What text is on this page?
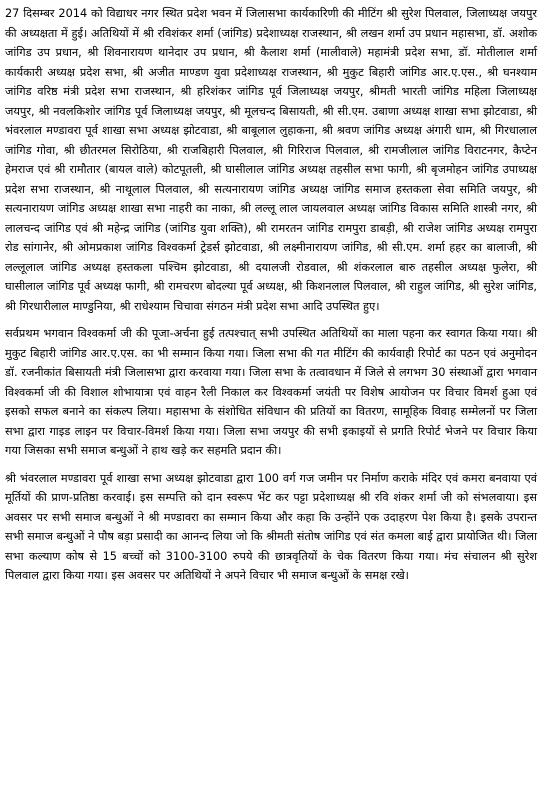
27 दिसम्बर 2014 को विद्याधर नगर स्थित प्रदेश भवन में जिलासभा कार्यकारिणी की मीटिंग श्री सुरेश पिलवाल, जिलाध्यक्ष जयपुर की अध्यक्षता में हुई। अतिथियों में श्री रविशंकर शर्मा (जांगिड) प्रदेशाध्यक्ष राजस्थान, श्री लखन शर्मा उप प्रधान महासभा, डॉ. अशोक जांगिड उप प्रधान, श्री शिवनारायण थानेदार उप प्रधान, श्री कैलाश शर्मा (मालीवाले) महामंत्री प्रदेश सभा, डॉ. मोतीलाल शर्मा कार्यकारी अध्यक्ष प्रदेश सभा, श्री अजीत माण्डण युवा प्रदेशाध्यक्ष राजस्थान, श्री मुकुट बिहारी जांगिड आर.ए.एस., श्री घनश्याम जांगिड वरिष्ठ मंत्री प्रदेश सभा राजस्थान, श्री हरिशंकर जांगिड पूर्व जिलाध्यक्ष जयपुर, श्रीमती भारती जांगिड महिला जिलाध्यक्ष जयपुर, श्री नवलकिशोर जांगिड पूर्व जिलाध्यक्ष जयपुर, श्री मूलचन्द बिसायती, श्री सी.एम. उबाणा अध्यक्ष शाखा सभा झोटवाडा, श्री भंवरलाल मण्डावरा पूर्व शाखा सभा अध्यक्ष झोटवाडा, श्री बाबूलाल लुहाकना, श्री श्रवण जांगिड अध्यक्ष अंगारी धाम, श्री गिरधालाल जांगिड गोवा, श्री छीतरमल सिरोठिया, श्री राजबिहारी पिलवाल, श्री गिरिराज पिलवाल, श्री रामजीलाल जांगिड विराटनगर, कैप्टेन हेमराज एवं श्री रामौतार (बायल वाले) कोटपूतली, श्री घासीलाल जांगिड अध्यक्ष तहसील सभा फागी, श्री बृजमोहन जांगिड उपाध्यक्ष प्रदेश सभा राजस्थान, श्री नाथूलाल पिलवाल, श्री सत्यनारायण जांगिड अध्यक्ष जांगिड समाज हस्तकला सेवा समिति जयपुर, श्री सत्यनारायण जांगिड अध्यक्ष शाखा सभा नाहरी का नाका, श्री लल्लू लाल जायलवाल अध्यक्ष जांगिड विकास समिति शास्त्री नगर, श्री लालचन्द जांगिड एवं श्री महेन्द्र जांगिड (जांगिड युवा शक्ति), श्री रामरतन जांगिड रामपुरा डाबड़ी, श्री राजेश जांगिड अध्यक्ष रामपुरा रोड सांगानेर, श्री ओमप्रकाश जांगिड विश्वकर्मा ट्रेडर्स झोटवाडा, श्री लक्ष्मीनारायण जांगिड, श्री सी.एम. शर्मा हहर का बालाजी, श्री लल्लूलाल जांगिड अध्यक्ष हस्तकला पश्चिम झोटवाडा, श्री दयालजी रोडवाल, श्री शंकरलाल बारु तहसील अध्यक्ष फुलेरा, श्री घासीलाल जांगिड पूर्व अध्यक्ष फागी, श्री रामचरण बोदल्या पूर्व अध्यक्ष, श्री किशनलाल पिलवाल, श्री राहुल जांगिड, श्री सुरेश जांगिड, श्री गिरधारीलाल माण्डुनिया, श्री राधेश्याम चिचावा संगठन मंत्री प्रदेश सभा आदि उपस्थित हुए।

सर्वप्रथम भगवान विश्वकर्मा जी की पूजा-अर्चना हुई तत्पश्चात् सभी उपस्थित अतिथियों का माला पहना कर स्वागत किया गया। श्री मुकुट बिहारी जांगिड आर.ए.एस. का भी सम्मान किया गया। जिला सभा की गत मीटिंग की कार्यवाही रिपोर्ट का पठन एवं अनुमोदन डॉ. रजनीकांत बिसायती मंत्री जिलासभा द्वारा करवाया गया। जिला सभा के तत्वावधान में जिले से लगभग 30 संस्थाओं द्वारा भगवान विश्वकर्मा जी की विशाल शोभायात्रा एवं वाहन रैली निकाल कर विश्वकर्मा जयंती पर विशेष आयोजन पर विचार विमर्श हुआ एवं इसको सफल बनाने का संकल्प लिया। महासभा के संशोधित संविधान की प्रतियों का वितरण, सामूहिक विवाह सम्मेलनों पर जिला सभा द्वारा गाइड लाइन पर विचार-विमर्श किया गया। जिला सभा जयपुर की सभी इकाइयों से प्रगति रिपोर्ट भेजने पर विचार किया गया जिसका सभी समाज बन्धुओं ने हाथ खड़े कर सहमति प्रदान की।

श्री भंवरलाल मण्डावरा पूर्व शाखा सभा अध्यक्ष झोटवाडा द्वारा 100 वर्ग गज जमीन पर निर्माण कराके मंदिर एवं कमरा बनवाया एवं मूर्तियों की प्राण-प्रतिष्ठा करवाई। इस सम्पत्ति को दान स्वरूप भेंट कर पट्टा प्रदेशाध्यक्ष श्री रवि शंकर शर्मा जी को संभलवाया। इस अवसर पर सभी समाज बन्धुओं ने श्री मण्डावरा का सम्मान किया और कहा कि उन्होंने एक उदाहरण पेश किया है। इसके उपरान्त सभी समाज बन्धुओं ने पौष बड़ा प्रसादी का आनन्द लिया जो कि श्रीमती संतोष जांगिड एवं संत कमला बाई द्वारा प्रायोजित थी। जिला सभा कल्याण कोष से 15 बच्चों को 3100-3100 रुपये की छात्रवृतियों के चेक वितरण किया गया। मंच संचालन श्री सुरेश पिलवाल द्वारा किया गया। इस अवसर पर अतिथियों ने अपने विचार भी समाज बन्धुओं के समक्ष रखे।
